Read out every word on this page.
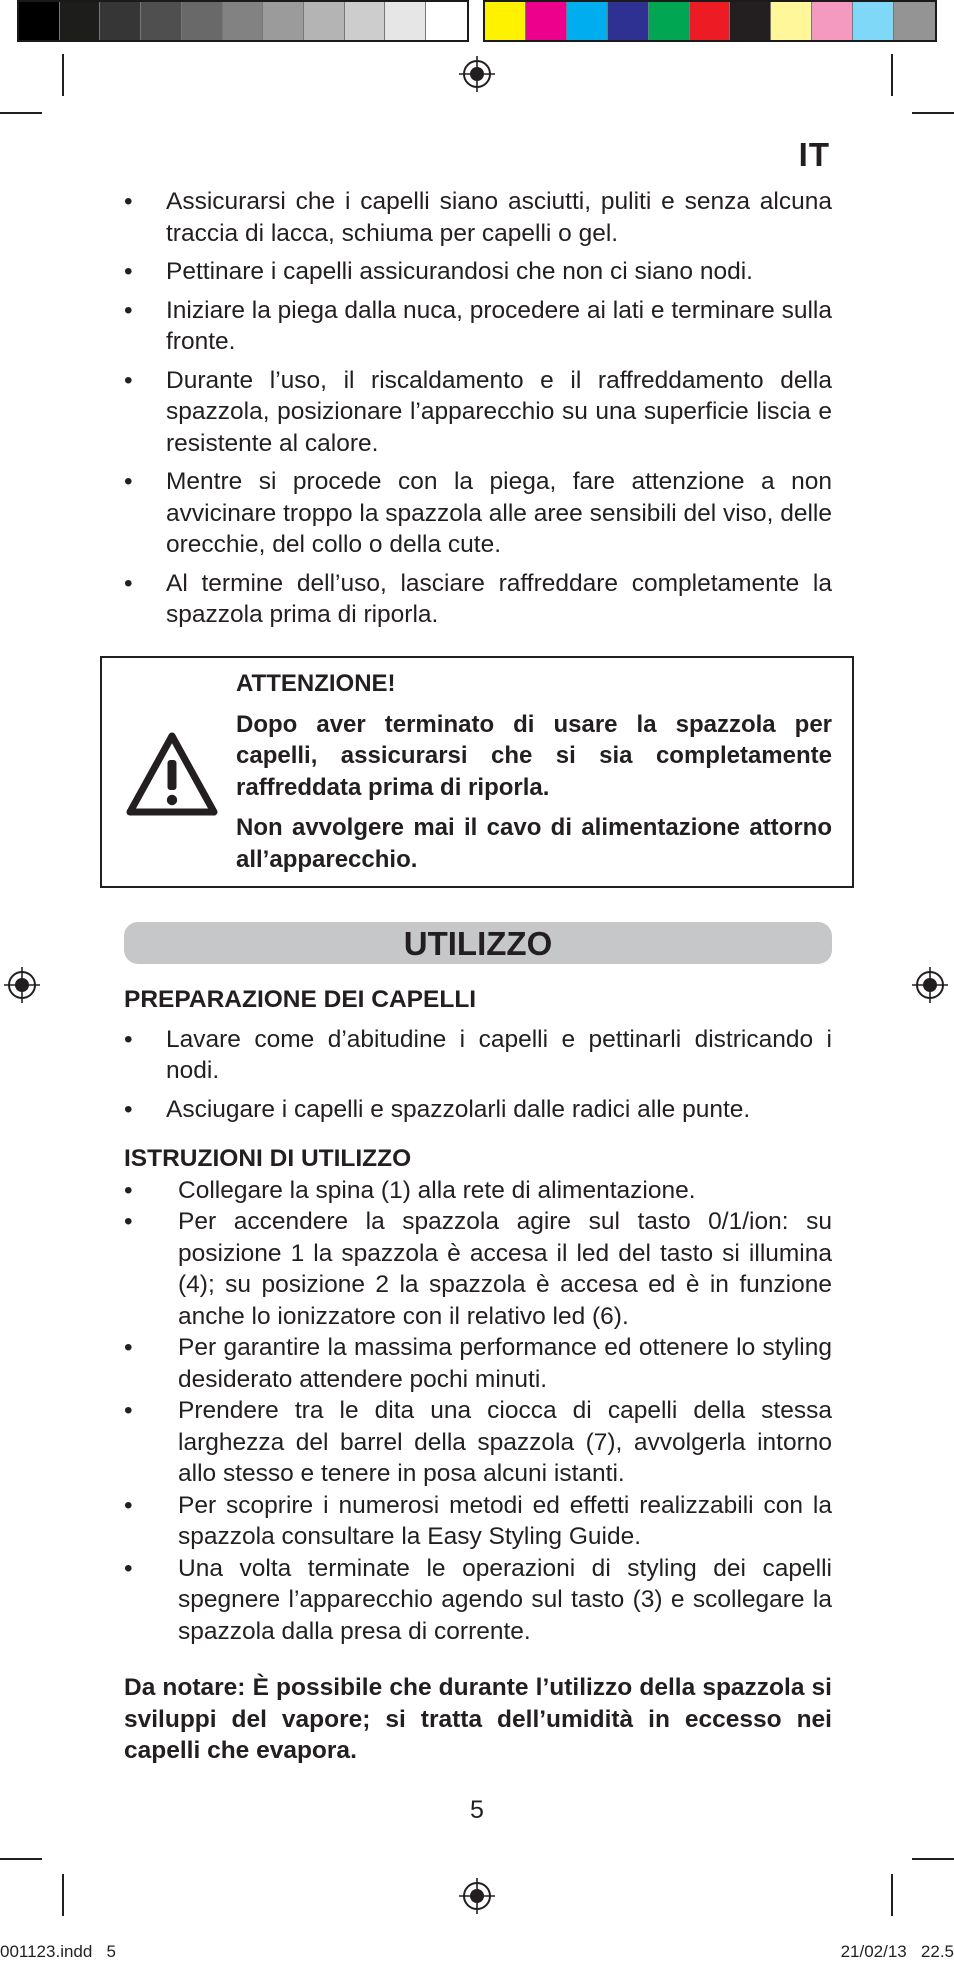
IT
• Assicurarsi che i capelli siano asciutti, puliti e senza alcuna traccia di lacca, schiuma per capelli o gel.
• Pettinare i capelli assicurandosi che non ci siano nodi.
• Iniziare la piega dalla nuca, procedere ai lati e terminare sulla fronte.
• Durante l’uso, il riscaldamento e il raffreddamento della spazzola, posizionare l’apparecchio su una superficie liscia e resistente al calore.
• Mentre si procede con la piega, fare attenzione a non avvicinare troppo la spazzola alle aree sensibili del viso, delle orecchie, del collo o della cute.
• Al termine dell’uso, lasciare raffreddare completamente la spazzola prima di riporla.

ATTENZIONE!

Dopo aver terminato di usare la spazzola per capelli, assicurarsi che si sia completamente raffreddata prima di riporla.

Non avvolgere mai il cavo di alimentazione attorno all’apparecchio.

UTILIZZO

PREPARAZIONE DEI CAPELLI

• Lavare come d’abitudine i capelli e pettinarli districando i nodi.
• Asciugare i capelli e spazzolarli dalle radici alle punte.

ISTRUZIONI DI UTILIZZO

• Collegare la spina (1) alla rete di alimentazione.
• Per accendere la spazzola agire sul tasto 0/1/ion: su posizione 1 la spazzola è accesa il led del tasto si illumina (4); su posizione 2 la spazzola è accesa ed è in funzione anche lo ionizzatore con il relativo led (6).
• Per garantire la massima performance ed ottenere lo styling desiderato attendere pochi minuti.
• Prendere tra le dita una ciocca di capelli della stessa larghezza del barrel della spazzola (7), avvolgerla intorno allo stesso e tenere in posa alcuni istanti.
• Per scoprire i numerosi metodi ed effetti realizzabili con la spazzola consultare la Easy Styling Guide.
• Una volta terminate le operazioni di styling dei capelli spegnere l’apparecchio agendo sul tasto (3) e scollegare la spazzola dalla presa di corrente.

Da notare: È possibile che durante l’utilizzo della spazzola si sviluppi del vapore; si tratta dell’umidità in eccesso nei capelli che evapora.

5
001123.indd   5	21/02/13   22.5
